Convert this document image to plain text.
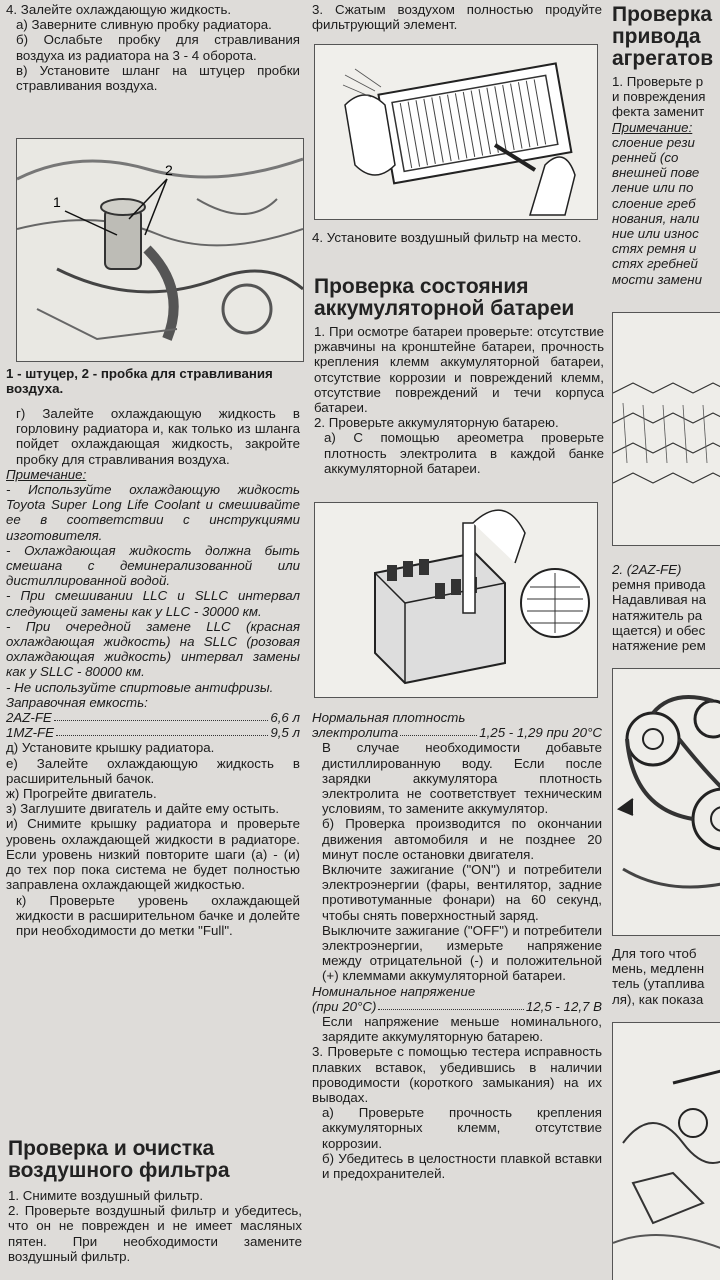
4. Залейте охлаждающую жидкость.

а) Заверните сливную пробку радиатора.

б) Ослабьте пробку для стравливания воздуха из радиатора на 3 - 4 оборота.

в) Установите шланг на штуцер пробки стравливания воздуха.

1
2

1 - штуцер, 2 - пробка для стравливания воздуха.

г) Залейте охлаждающую жидкость в горловину радиатора и, как только из шланга пойдет охлаждающая жидкость, закройте пробку для стравливания воздуха.

Примечание:

- Используйте охлаждающую жидкость Toyota Super Long Life Coolant и смешивайте ее в соответствии с инструкциями изготовителя.

- Охлаждающая жидкость должна быть смешана с деминерализованной или дистиллированной водой.

- При смешивании LLC и SLLC интервал следующей замены как у LLC - 30000 км.

- При очередной замене LLC (красная охлаждающая жидкость) на SLLC (розовая охлаждающая жидкость) интервал замены как у SLLC - 80000 км.

- Не используйте спиртовые антифризы.

Заправочная емкость:

2AZ-FE	6,6 л
1MZ-FE	9,5 л

д) Установите крышку радиатора.

е) Залейте охлаждающую жидкость в расширительный бачок.

ж) Прогрейте двигатель.

з) Заглушите двигатель и дайте ему остыть.

и) Снимите крышку радиатора и проверьте уровень охлаждающей жидкости в радиаторе. Если уровень низкий повторите шаги (а) - (и) до тех пор пока система не будет полностью заправлена охлаждающей жидкостью.

к) Проверьте уровень охлаждающей жидкости в расширительном бачке и долейте при необходимости до метки "Full".

Проверка и очистка воздушного фильтра

1. Снимите воздушный фильтр.

2. Проверьте воздушный фильтр и убедитесь, что он не поврежден и не имеет масляных пятен. При необходимости замените воздушный фильтр.

3. Сжатым воздухом полностью продуйте фильтрующий элемент.

4. Установите воздушный фильтр на место.

Проверка состояния аккумуляторной батареи

1. При осмотре батареи проверьте: отсутствие ржавчины на кронштейне батареи, прочность крепления клемм аккумуляторной батареи, отсутствие коррозии и повреждений клемм, отсутствие повреждений и течи корпуса батареи.

2. Проверьте аккумуляторную батарею.

а) С помощью ареометра проверьте плотность электролита в каждой банке аккумуляторной батареи.

Нормальная плотность

электролита	1,25 - 1,29 при 20°C

В случае необходимости добавьте дистиллированную воду. Если после зарядки аккумулятора плотность электролита не соответствует техническим условиям, то замените аккумулятор.

б) Проверка производится по окончании движения автомобиля и не позднее 20 минут после остановки двигателя.

Включите зажигание ("ON") и потребители электроэнергии (фары, вентилятор, задние противотуманные фонари) на 60 секунд, чтобы снять поверхностный заряд.

Выключите зажигание ("OFF") и потребители электроэнергии, измерьте напряжение между отрицательной (-) и положительной (+) клеммами аккумуляторной батареи.

Номинальное напряжение

(при 20°C)	12,5 - 12,7 В

Если напряжение меньше номинального, зарядите аккумуляторную батарею.

3. Проверьте с помощью тестера исправность плавких вставок, убедившись в наличии проводимости (короткого замыкания) на их выводах.

а) Проверьте прочность крепления аккумуляторных клемм, отсутствие коррозии.

б) Убедитесь в целостности плавкой вставки и предохранителей.

Проверка
привода
агрегатов

1. Проверьте р

и повреждения

фекта заменит

Примечание:

слоение рези

ренней (со

внешней пове

ление или по

слоение греб

нования, нали

ние или износ

стях ремня и

стях гребней

мости замени

2. (2AZ-FE)

ремня привода

Надавливая на

натяжитель ра

щается) и обес

натяжение рем

Для того чтоб

мень, медленн

тель (утаплива

ля), как показа
